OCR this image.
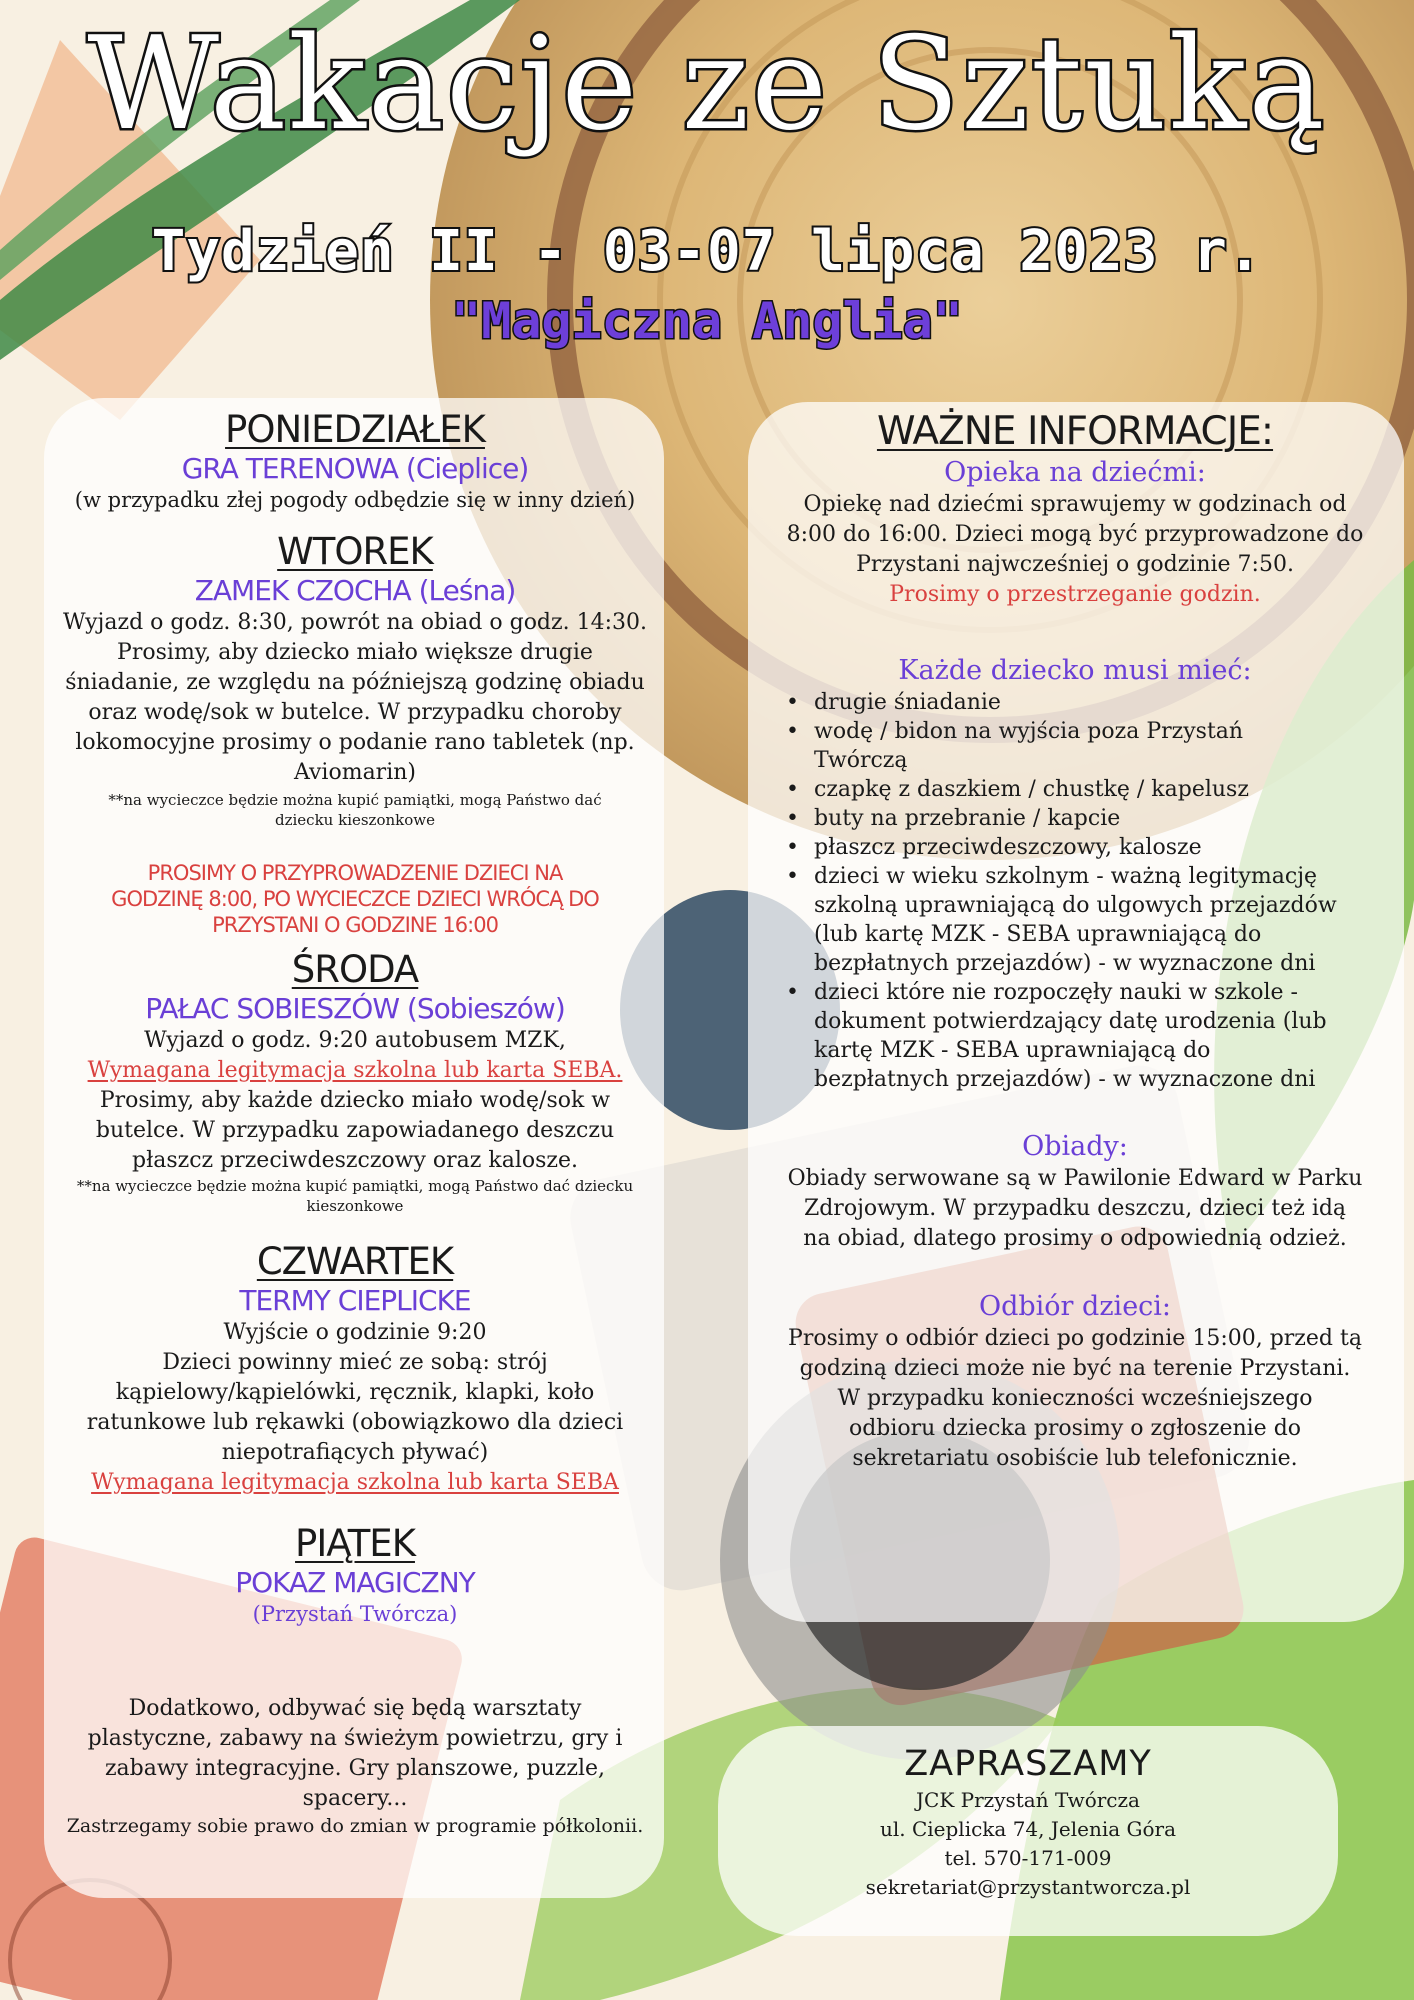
Wakacje ze Sztuką
Tydzień II - 03-07 lipca 2023 r.
"Magiczna Anglia"
PONIEDZIAŁEK
GRA TERENOWA (Cieplice)
(w przypadku złej pogody odbędzie się w inny dzień)
WTOREK
ZAMEK CZOCHA (Leśna)
Wyjazd o godz. 8:30, powrót na obiad o godz. 14:30.
Prosimy, aby dziecko miało większe drugie
śniadanie, ze względu na późniejszą godzinę obiadu
oraz wodę/sok w butelce. W przypadku choroby
lokomocyjne prosimy o podanie rano tabletek (np.
Aviomarin)
**na wycieczce będzie można kupić pamiątki, mogą Państwo dać
dziecku kieszonkowe
PROSIMY O PRZYPROWADZENIE DZIECI NA
GODZINĘ 8:00, PO WYCIECZCE DZIECI WRÓCĄ DO
PRZYSTANI O GODZINE 16:00
ŚRODA
PAŁAC SOBIESZÓW (Sobieszów)
Wyjazd o godz. 9:20 autobusem MZK,
Wymagana legitymacja szkolna lub karta SEBA.
Prosimy, aby każde dziecko miało wodę/sok w
butelce. W przypadku zapowiadanego deszczu
płaszcz przeciwdeszczowy oraz kalosze.
**na wycieczce będzie można kupić pamiątki, mogą Państwo dać dziecku
kieszonkowe
CZWARTEK
TERMY CIEPLICKE
Wyjście o godzinie 9:20
Dzieci powinny mieć ze sobą: strój
kąpielowy/kąpielówki, ręcznik, klapki, koło
ratunkowe lub rękawki (obowiązkowo dla dzieci
niepotrafiących pływać)
Wymagana legitymacja szkolna lub karta SEBA
PIĄTEK
POKAZ MAGICZNY
(Przystań Twórcza)
Dodatkowo, odbywać się będą warsztaty
plastyczne, zabawy na świeżym powietrzu, gry i
zabawy integracyjne. Gry planszowe, puzzle,
spacery...
Zastrzegamy sobie prawo do zmian w programie półkolonii.
WAŻNE INFORMACJE:
Opieka na dziećmi:
Opiekę nad dziećmi sprawujemy w godzinach od
8:00 do 16:00. Dzieci mogą być przyprowadzone do
Przystani najwcześniej o godzinie 7:50.
Prosimy o przestrzeganie godzin.
Każde dziecko musi mieć:
• drugie śniadanie
• wodę / bidon na wyjścia poza Przystań
Twórczą
• czapkę z daszkiem / chustkę / kapelusz
• buty na przebranie / kapcie
• płaszcz przeciwdeszczowy, kalosze
• dzieci w wieku szkolnym - ważną legitymację
szkolną uprawniającą do ulgowych przejazdów
(lub kartę MZK - SEBA uprawniającą do
bezpłatnych przejazdów) - w wyznaczone dni
• dzieci które nie rozpoczęły nauki w szkole -
dokument potwierdzający datę urodzenia (lub
kartę MZK - SEBA uprawniającą do
bezpłatnych przejazdów) - w wyznaczone dni
Obiady:
Obiady serwowane są w Pawilonie Edward w Parku
Zdrojowym. W przypadku deszczu, dzieci też idą
na obiad, dlatego prosimy o odpowiednią odzież.
Odbiór dzieci:
Prosimy o odbiór dzieci po godzinie 15:00, przed tą
godziną dzieci może nie być na terenie Przystani.
W przypadku konieczności wcześniejszego
odbioru dziecka prosimy o zgłoszenie do
sekretariatu osobiście lub telefonicznie.
ZAPRASZAMY
JCK Przystań Twórcza
ul. Cieplicka 74, Jelenia Góra
tel. 570-171-009
sekretariat@przystantworcza.pl
